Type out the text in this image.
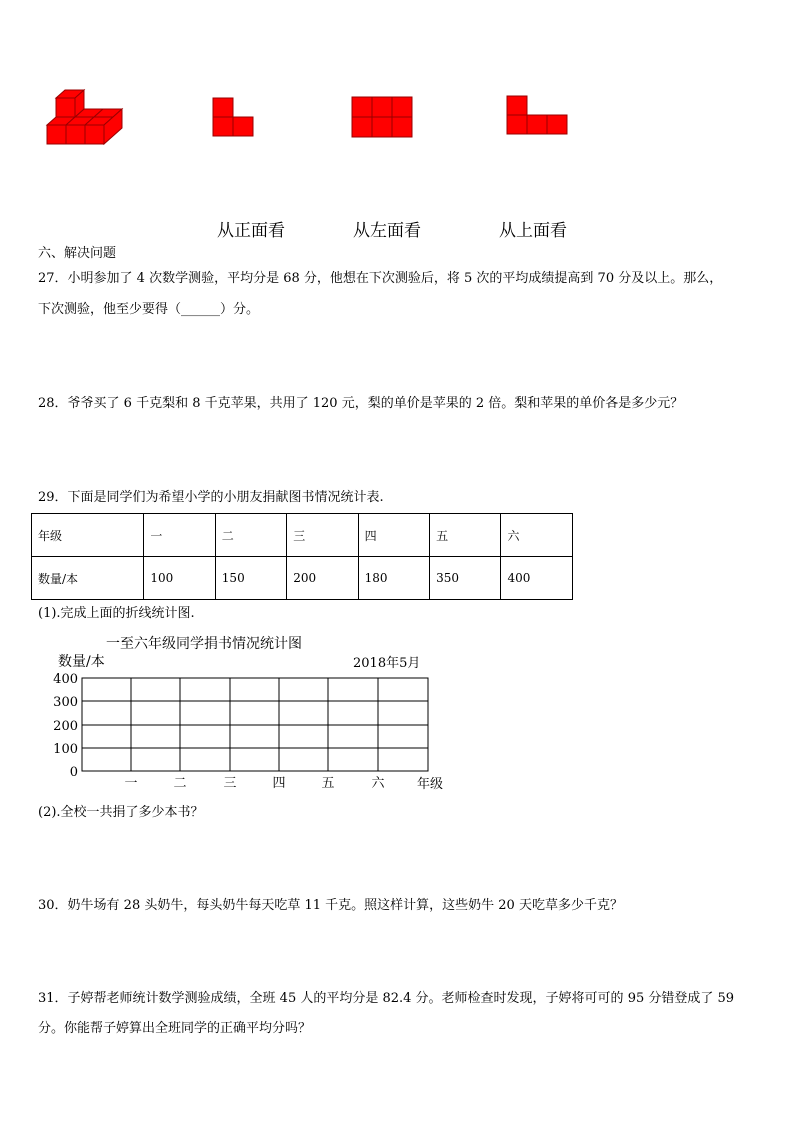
从正面看	从左面看	从上面看
六、解决问题
27．小明参加了 4 次数学测验，平均分是 68 分，他想在下次测验后，将 5 次的平均成绩提高到 70 分及以上。那么，
下次测验，他至少要得（______）分。
28．爷爷买了 6 千克梨和 8 千克苹果，共用了 120 元，梨的单价是苹果的 2 倍。梨和苹果的单价各是多少元？
29．下面是同学们为希望小学的小朋友捐献图书情况统计表.
年级	一	二	三	四	五	六
数量/本	100	150	200	180	350	400
(1).完成上面的折线统计图.
一至六年级同学捐书情况统计图
数量/本	2018年5月
400
300
200
100
0
一	二	三	四	五	六 年级
(2).全校一共捐了多少本书？
30．奶牛场有 28 头奶牛，每头奶牛每天吃草 11 千克。照这样计算，这些奶牛 20 天吃草多少千克？
31．子婷帮老师统计数学测验成绩，全班 45 人的平均分是 82.4 分。老师检查时发现，子婷将可可的 95 分错登成了 59
分。你能帮子婷算出全班同学的正确平均分吗？
